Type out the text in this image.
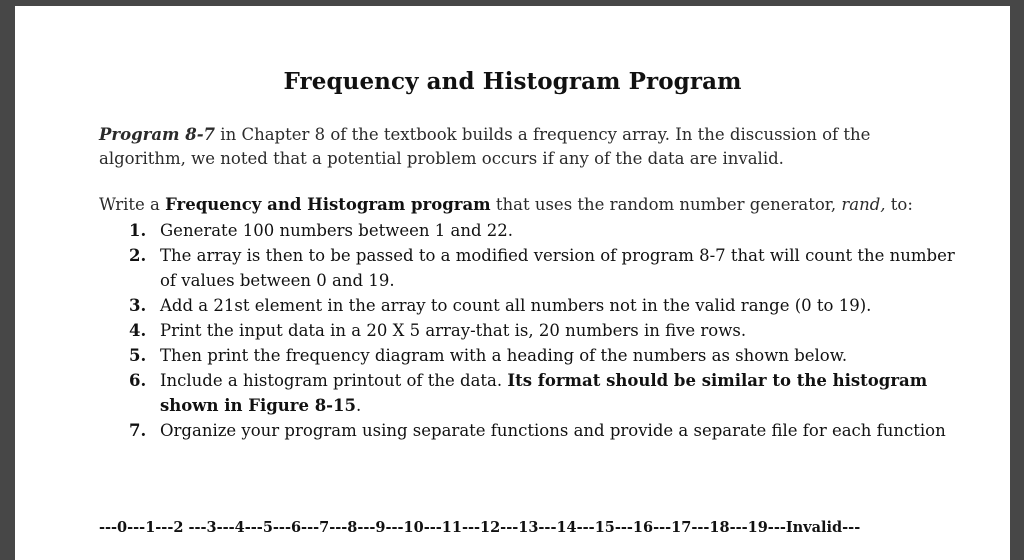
Frequency and Histogram Program
Program 8-7 in Chapter 8 of the textbook builds a frequency array. In the discussion of the algorithm, we noted that a potential problem occurs if any of the data are invalid.
Write a Frequency and Histogram program that uses the random number generator, rand, to:
1. Generate 100 numbers between 1 and 22.
2. The array is then to be passed to a modified version of program 8-7 that will count the number of values between 0 and 19.
3. Add a 21st element in the array to count all numbers not in the valid range (0 to 19).
4. Print the input data in a 20 X 5 array-that is, 20 numbers in five rows.
5. Then print the frequency diagram with a heading of the numbers as shown below.
6. Include a histogram printout of the data. Its format should be similar to the histogram shown in Figure 8-15.
7. Organize your program using separate functions and provide a separate file for each function
---0---1---2 ---3---4---5---6---7---8---9---10---11---12---13---14---15---16---17---18---19---Invalid---
